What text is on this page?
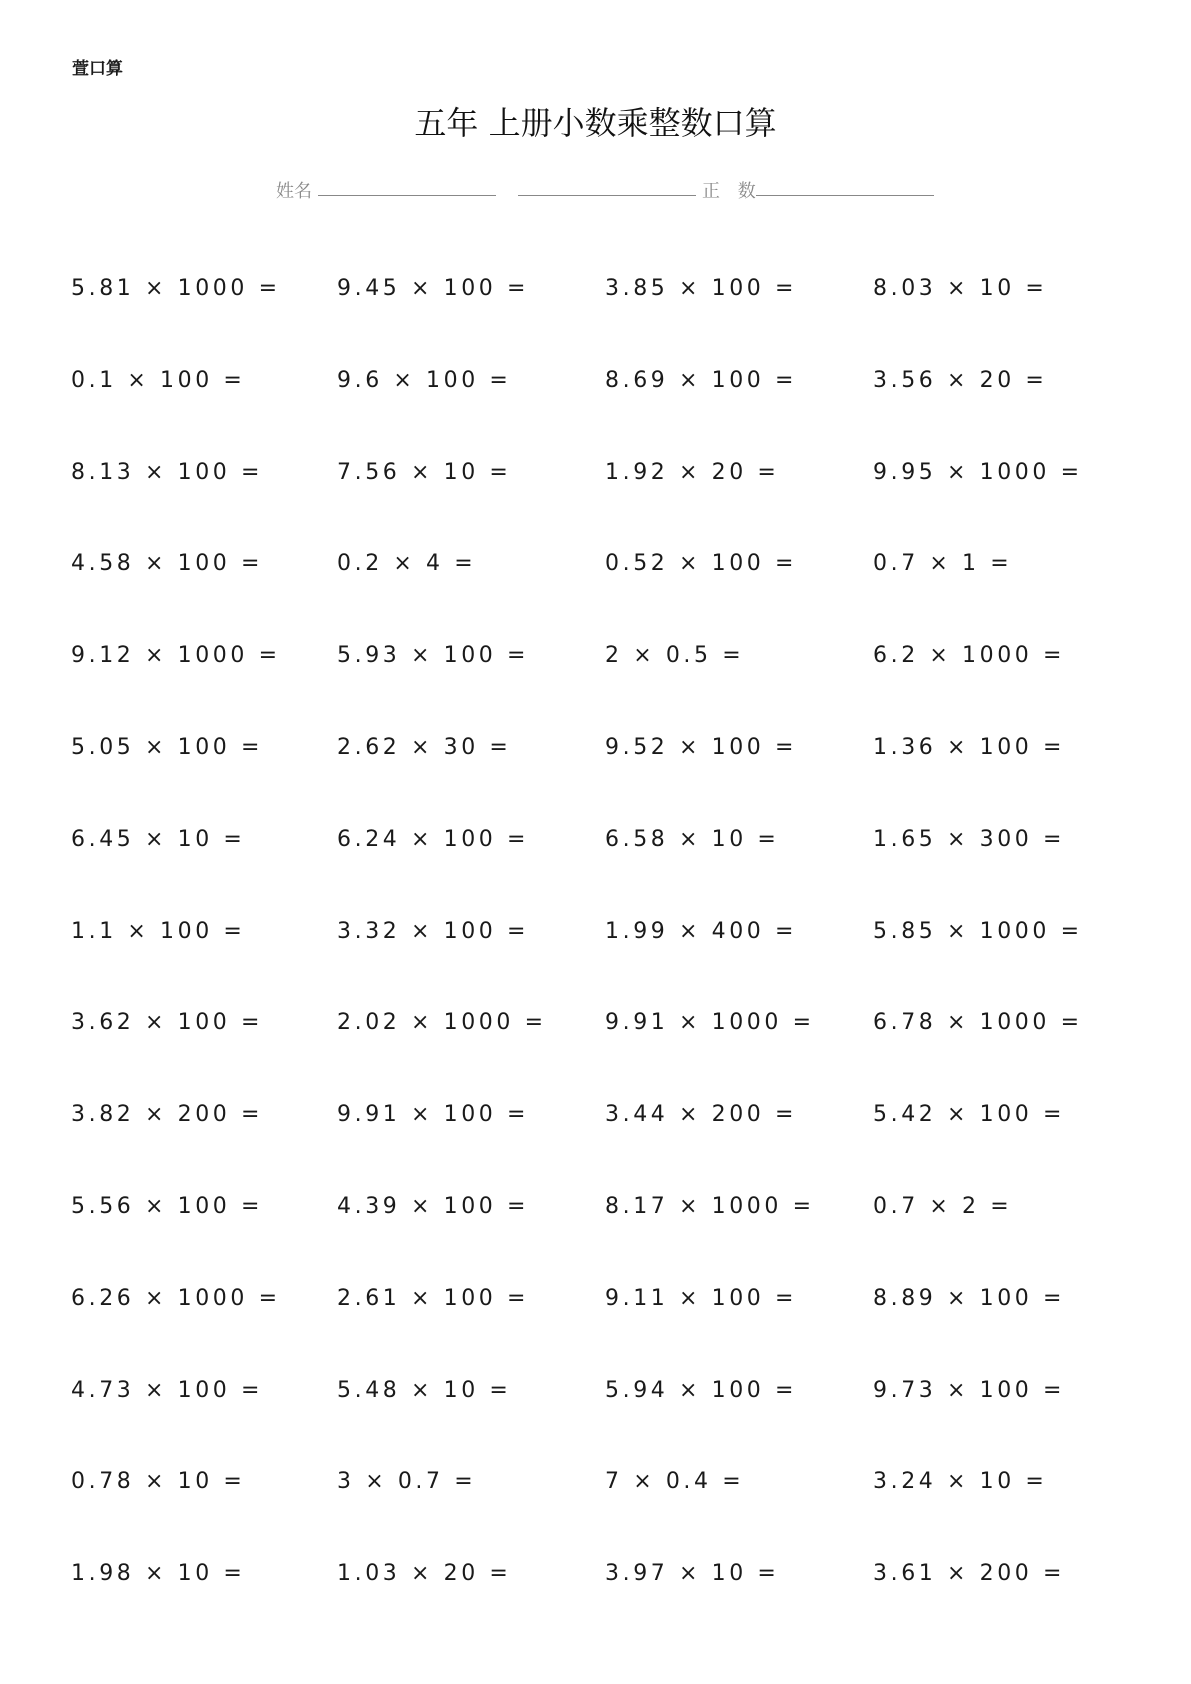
萱口算
五年 上册小数乘整数口算
姓名	正 数
5.81 × 1000 =	9.45 × 100 =	3.85 × 100 =	8.03 × 10 =
0.1 × 100 =	9.6 × 100 =	8.69 × 100 =	3.56 × 20 =
8.13 × 100 =	7.56 × 10 =	1.92 × 20 =	9.95 × 1000 =
4.58 × 100 =	0.2 × 4 =	0.52 × 100 =	0.7 × 1 =
9.12 × 1000 =	5.93 × 100 =	2 × 0.5 =	6.2 × 1000 =
5.05 × 100 =	2.62 × 30 =	9.52 × 100 =	1.36 × 100 =
6.45 × 10 =	6.24 × 100 =	6.58 × 10 =	1.65 × 300 =
1.1 × 100 =	3.32 × 100 =	1.99 × 400 =	5.85 × 1000 =
3.62 × 100 =	2.02 × 1000 =	9.91 × 1000 =	6.78 × 1000 =
3.82 × 200 =	9.91 × 100 =	3.44 × 200 =	5.42 × 100 =
5.56 × 100 =	4.39 × 100 =	8.17 × 1000 =	0.7 × 2 =
6.26 × 1000 =	2.61 × 100 =	9.11 × 100 =	8.89 × 100 =
4.73 × 100 =	5.48 × 10 =	5.94 × 100 =	9.73 × 100 =
0.78 × 10 =	3 × 0.7 =	7 × 0.4 =	3.24 × 10 =
1.98 × 10 =	1.03 × 20 =	3.97 × 10 =	3.61 × 200 =
